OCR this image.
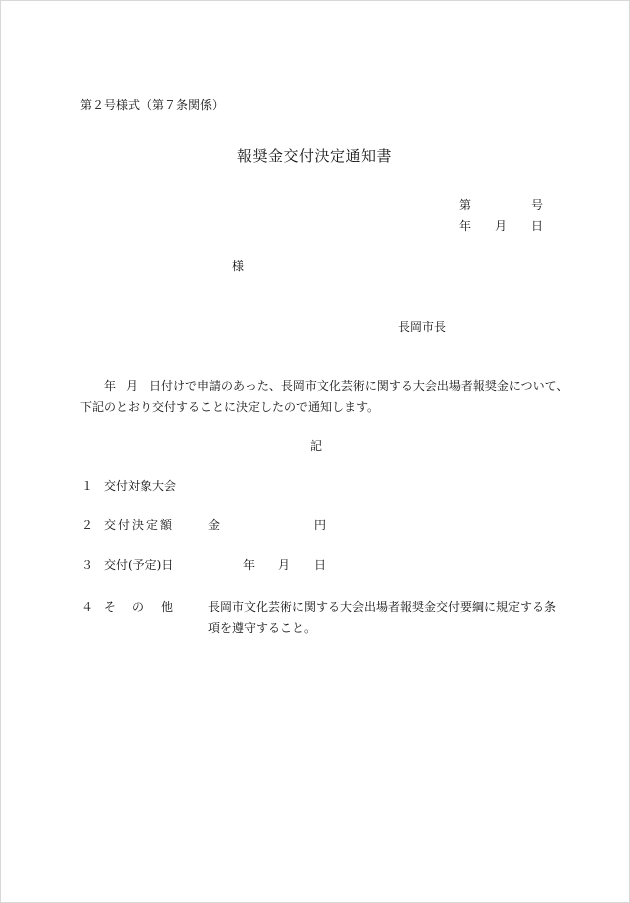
第２号様式（第７条関係）
報奨金交付決定通知書
第	号
年 月 日
様
長岡市長
年 月 日付けで申請のあった、長岡市文化芸術に関する大会出場者報奨金について、
下記のとおり交付することに決定したので通知します。
記
１ 交付対象大会
２ 交付決定額	金	円
３ 交付(予定)日	年 月 日
４ そ の 他	長岡市文化芸術に関する大会出場者報奨金交付要綱に規定する条
項を遵守すること。
